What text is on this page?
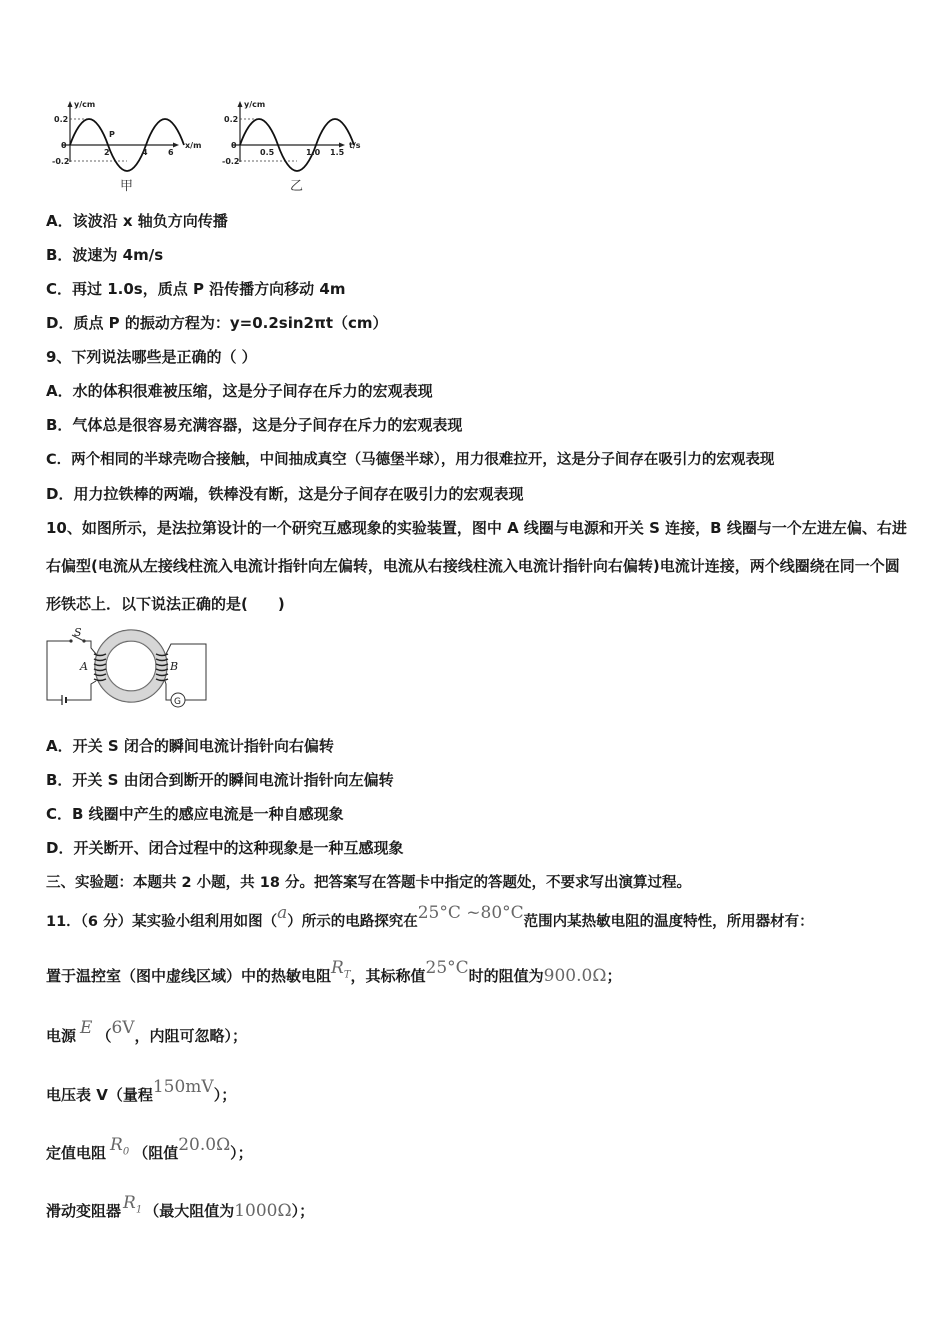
y/cm
x/m
0.2
0
-0.2
2	4	6
P
甲
y/cm
t/s
0.2
0
-0.2
0.5	1.0 1.5
乙
A．该波沿 x 轴负方向传播
B．波速为 4m/s
C．再过 1.0s，质点 P 沿传播方向移动 4m
D．质点 P 的振动方程为：y=0.2sin2πt（cm）
9、下列说法哪些是正确的（ ）
A．水的体积很难被压缩，这是分子间存在斥力的宏观表现
B．气体总是很容易充满容器，这是分子间存在斥力的宏观表现
C．两个相同的半球壳吻合接触，中间抽成真空（马德堡半球），用力很难拉开，这是分子间存在吸引力的宏观表现
D．用力拉铁棒的两端，铁棒没有断，这是分子间存在吸引力的宏观表现
10、如图所示，是法拉第设计的一个研究互感现象的实验装置，图中 A 线圈与电源和开关 S 连接，B 线圈与一个左进左偏、右进右偏型(电流从左接线柱流入电流计指针向左偏转，电流从右接线柱流入电流计指针向右偏转)电流计连接，两个线圈绕在同一个圆形铁芯上．以下说法正确的是(　　)
S
A	B
G
A．开关 S 闭合的瞬间电流计指针向右偏转
B．开关 S 由闭合到断开的瞬间电流计指针向左偏转
C．B 线圈中产生的感应电流是一种自感现象
D．开关断开、闭合过程中的这种现象是一种互感现象
三、实验题：本题共 2 小题，共 18 分。把答案写在答题卡中指定的答题处，不要求写出演算过程。
11．（6 分）某实验小组利用如图（a）所示的电路探究在25°C ~80°C范围内某热敏电阻的温度特性，所用器材有：
置于温控室（图中虚线区域）中的热敏电阻$R_T$，其标称值25°C时的阻值为900.0Ω；
电源 E （6V，内阻可忽略）；
电压表 V（量程150mV）；
定值电阻 $R_0$ （阻值20.0Ω）；
滑动变阻器 $R_1$ （最大阻值为1000Ω）；
